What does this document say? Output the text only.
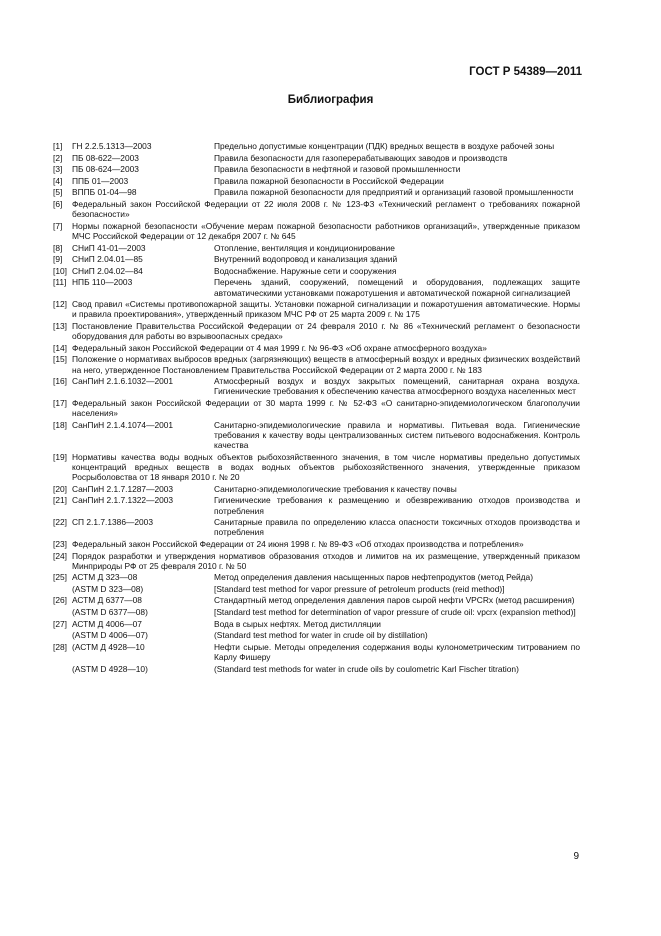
ГОСТ Р 54389—2011
Библиография
[1]	ГН 2.2.5.1313—2003	Предельно допустимые концентрации (ПДК) вредных веществ в воздухе рабочей зоны
[2]	ПБ 08-622—2003	Правила безопасности для газоперерабатывающих заводов и производств
[3]	ПБ 08-624—2003	Правила безопасности в нефтяной и газовой промышленности
[4]	ППБ 01—2003	Правила пожарной безопасности в Российской Федерации
[5]	ВППБ 01-04—98	Правила пожарной безопасности для предприятий и организаций газовой промышленности
[6]	Федеральный закон Российской Федерации от 22 июля 2008 г. № 123-ФЗ «Технический регламент о требованиях пожарной безопасности»
[7]	Нормы пожарной безопасности «Обучение мерам пожарной безопасности работников организаций», утвержденные приказом МЧС Российской Федерации от 12 декабря 2007 г. № 645
[8]	СНиП 41-01—2003	Отопление, вентиляция и кондиционирование
[9]	СНиП 2.04.01—85	Внутренний водопровод и канализация зданий
[10] СНиП 2.04.02—84	Водоснабжение. Наружные сети и сооружения
[11] НПБ 110—2003	Перечень зданий, сооружений, помещений и оборудования, подлежащих защите автоматическими установками пожаротушения и автоматической пожарной сигнализацией
[12] Свод правил «Системы противопожарной защиты. Установки пожарной сигнализации и пожаротушения автоматические. Нормы и правила проектирования», утвержденный приказом МЧС РФ от 25 марта 2009 г. № 175
[13] Постановление Правительства Российской Федерации от 24 февраля 2010 г. № 86 «Технический регламент о безопасности оборудования для работы во взрывоопасных средах»
[14] Федеральный закон Российской Федерации от 4 мая 1999 г. № 96-ФЗ «Об охране атмосферного воздуха»
[15] Положение о нормативах выбросов вредных (загрязняющих) веществ в атмосферный воздух и вредных физических воздействий на него, утвержденное Постановлением Правительства Российской Федерации от 2 марта 2000 г. № 183
[16] СанПиН 2.1.6.1032—2001	Атмосферный воздух и воздух закрытых помещений, санитарная охрана воздуха. Гигиенические требования к обеспечению качества атмосферного воздуха населенных мест
[17] Федеральный закон Российской Федерации от 30 марта 1999 г. № 52-ФЗ «О санитарно-эпидемиологическом благополучии населения»
[18] СанПиН 2.1.4.1074—2001	Санитарно-эпидемиологические правила и нормативы. Питьевая вода. Гигиенические требования к качеству воды централизованных систем питьевого водоснабжения. Контроль качества
[19] Нормативы качества воды водных объектов рыбохозяйственного значения, в том числе нормативы предельно допустимых концентраций вредных веществ в водах водных объектов рыбохозяйственного значения, утвержденные приказом Росрыболовства от 18 января 2010 г. № 20
[20] СанПиН 2.1.7.1287—2003	Санитарно-эпидемиологические требования к качеству почвы
[21] СанПиН 2.1.7.1322—2003	Гигиенические требования к размещению и обезвреживанию отходов производства и потребления
[22] СП 2.1.7.1386—2003	Санитарные правила по определению класса опасности токсичных отходов производства и потребления
[23] Федеральный закон Российской Федерации от 24 июня 1998 г. № 89-ФЗ «Об отходах производства и потребления»
[24] Порядок разработки и утверждения нормативов образования отходов и лимитов на их размещение, утвержденный приказом Минприроды РФ от 25 февраля 2010 г. № 50
[25] АСТМ Д 323—08	Метод определения давления насыщенных паров нефтепродуктов (метод Рейда)
(ASTM D 323—08)	[Standard test method for vapor pressure of petroleum products (reid method)]
[26] АСТМ Д 6377—08	Стандартный метод определения давления паров сырой нефти VPCRx (метод расширения)
(ASTM D 6377—08)	[Standard test method for determination of vapor pressure of crude oil: vpcrx (expansion method)]
[27] АСТМ Д 4006—07	Вода в сырых нефтях. Метод дистилляции
(ASTM D 4006—07)	(Standard test method for water in crude oil by distillation)
[28] (АСТМ Д 4928—10	Нефти сырые. Методы определения содержания воды кулонометрическим титрованием по Карлу Фишеру
(ASTM D 4928—10)	(Standard test methods for water in crude oils by coulometric Karl Fischer titration)
9
